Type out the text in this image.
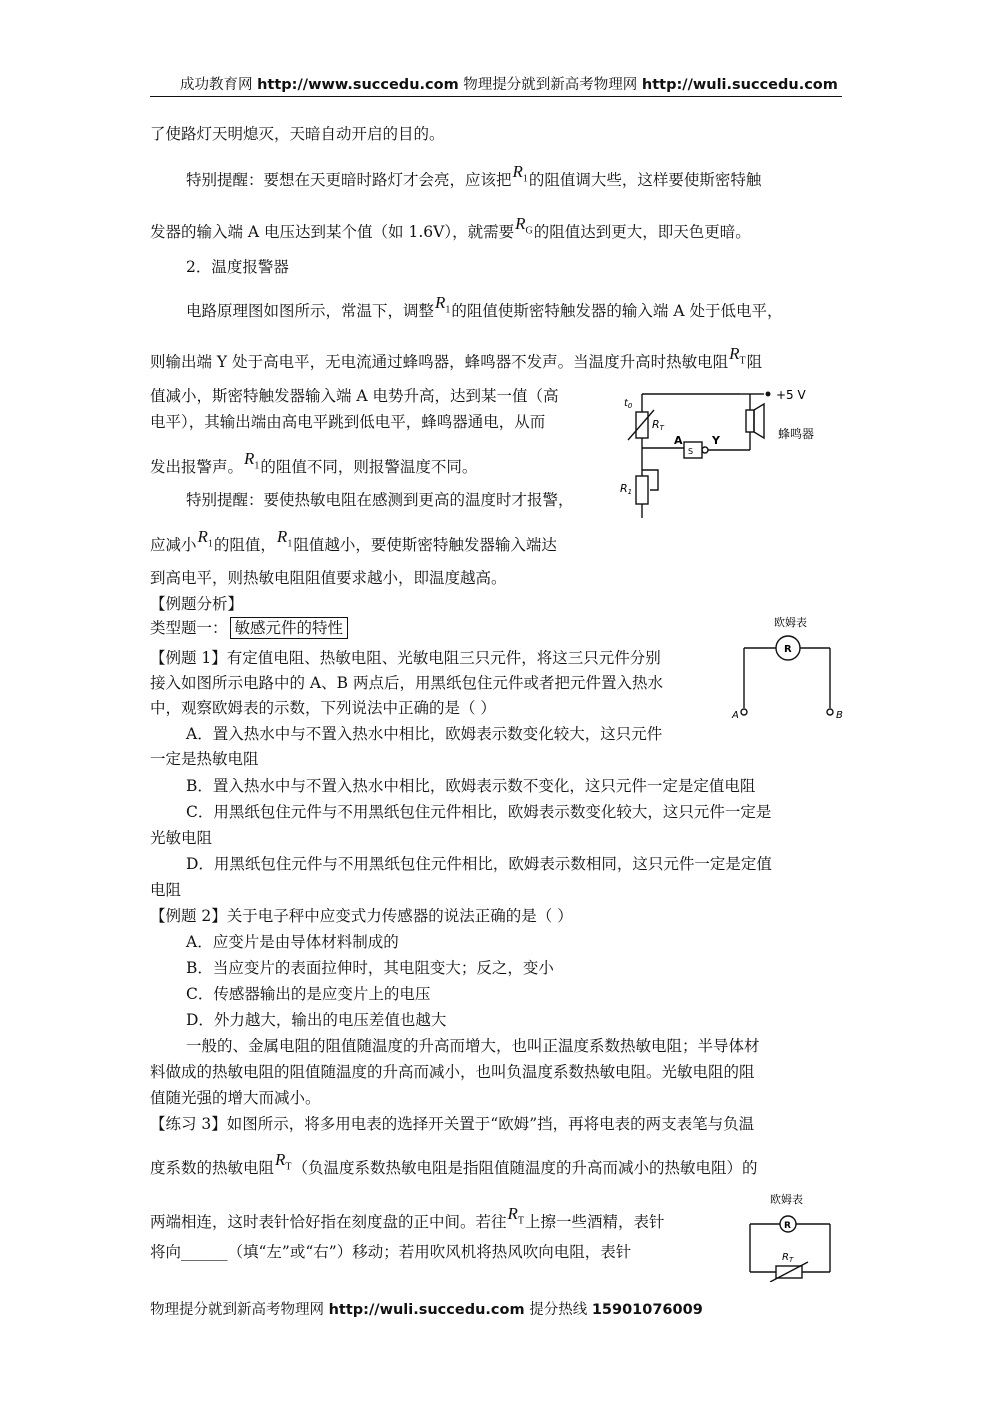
成功教育网 http://www.succedu.com 物理提分就到新高考物理网 http://wuli.succedu.com
了使路灯天明熄灭，天暗自动开启的目的。
特别提醒：要想在天更暗时路灯才会亮，应该把$R_1$的阻值调大些，这样要使斯密特触
发器的输入端 A 电压达到某个值（如 1.6V），就需要$R_G$的阻值达到更大，即天色更暗。
2．温度报警器
电路原理图如图所示，常温下，调整$R_1$的阻值使斯密特触发器的输入端 A 处于低电平，
则输出端 Y 处于高电平，无电流通过蜂鸣器，蜂鸣器不发声。当温度升高时热敏电阻$R_T$阻
值减小，斯密特触发器输入端 A 电势升高，达到某一值（高
电平），其输出端由高电平跳到低电平，蜂鸣器通电，从而
发出报警声。$R_1$的阻值不同，则报警温度不同。
特别提醒：要使热敏电阻在感测到更高的温度时才报警，
应减小$R_1$的阻值，$R_1$阻值越小，要使斯密特触发器输入端达
到高电平，则热敏电阻阻值要求越小，即温度越高。
【例题分析】
类型题一： 敏感元件的特性
【例题 1】有定值电阻、热敏电阻、光敏电阻三只元件，将这三只元件分别
接入如图所示电路中的 A、B 两点后，用黑纸包住元件或者把元件置入热水
中，观察欧姆表的示数，下列说法中正确的是（ ）
A．置入热水中与不置入热水中相比，欧姆表示数变化较大，这只元件
一定是热敏电阻
B．置入热水中与不置入热水中相比，欧姆表示数不变化，这只元件一定是定值电阻
C．用黑纸包住元件与不用黑纸包住元件相比，欧姆表示数变化较大，这只元件一定是
光敏电阻
D．用黑纸包住元件与不用黑纸包住元件相比，欧姆表示数相同，这只元件一定是定值
电阻
【例题 2】关于电子秤中应变式力传感器的说法正确的是（ ）
A．应变片是由导体材料制成的
B．当应变片的表面拉伸时，其电阻变大；反之，变小
C．传感器输出的是应变片上的电压
D．外力越大，输出的电压差值也越大
一般的、金属电阻的阻值随温度的升高而增大，也叫正温度系数热敏电阻；半导体材
料做成的热敏电阻的阻值随温度的升高而减小，也叫负温度系数热敏电阻。光敏电阻的阻
值随光强的增大而减小。
【练习 3】如图所示，将多用电表的选择开关置于“欧姆”挡，再将电表的两支表笔与负温
度系数的热敏电阻$R_T$（负温度系数热敏电阻是指阻值随温度的升高而减小的热敏电阻）的
两端相连，这时表针恰好指在刻度盘的正中间。若往$R_T$上擦一些酒精，表针
将向______（填“左”或“右”）移动；若用吹风机将热风吹向电阻，表针
+5 V
$t_0$
RT
A	Y
S
蜂鸣器
R1
欧姆表
R
A	B
欧姆表
R
$R_T$
物理提分就到新高考物理网 http://wuli.succedu.com 提分热线 15901076009
